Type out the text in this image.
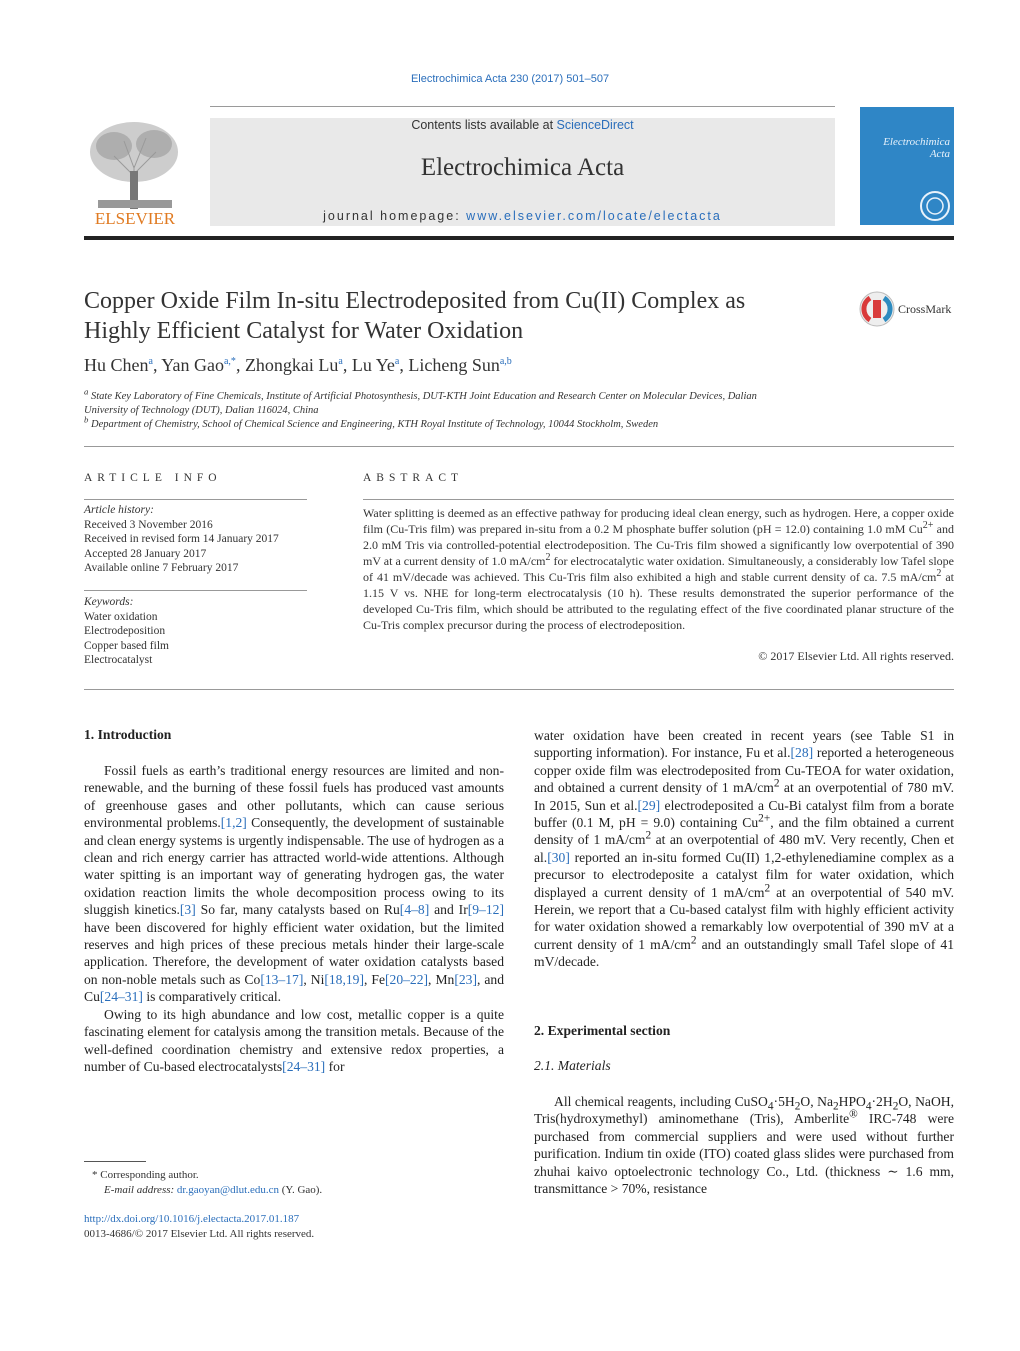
Electrochimica Acta 230 (2017) 501–507
ELSEVIER
Contents lists available at ScienceDirect
Electrochimica Acta
journal homepage: www.elsevier.com/locate/electacta
Electrochimica Acta
Copper Oxide Film In-situ Electrodeposited from Cu(II) Complex as
Highly Efficient Catalyst for Water Oxidation
CrossMark
Hu Chen$^a$, Yan Gao$^{a,*}$, Zhongkai Lu$^a$, Lu Ye$^a$, Licheng Sun$^{a,b}$
$^a$ State Key Laboratory of Fine Chemicals, Institute of Artificial Photosynthesis, DUT-KTH Joint Education and Research Center on Molecular Devices, Dalian
University of Technology (DUT), Dalian 116024, China
$^b$ Department of Chemistry, School of Chemical Science and Engineering, KTH Royal Institute of Technology, 10044 Stockholm, Sweden
ARTICLE INFO
Article history:
Received 3 November 2016
Received in revised form 14 January 2017
Accepted 28 January 2017
Available online 7 February 2017
Keywords:
Water oxidation
Electrodeposition
Copper based film
Electrocatalyst
ABSTRACT
Water splitting is deemed as an effective pathway for producing ideal clean energy, such as hydrogen. Here, a copper oxide film (Cu-Tris film) was prepared in-situ from a 0.2 M phosphate buffer solution (pH = 12.0) containing 1.0 mM $Cu^{2+}$ and 2.0 mM Tris via controlled-potential electrodeposition. The Cu-Tris film showed a significantly low overpotential of 390 mV at a current density of 1.0 $mA/cm^2$ for electrocatalytic water oxidation. Simultaneously, a considerably low Tafel slope of 41 mV/decade was achieved. This Cu-Tris film also exhibited a high and stable current density of ca. 7.5 $mA/cm^2$ at 1.15 V vs. NHE for long-term electrocatalysis (10 h). These results demonstrated the superior performance of the developed Cu-Tris film, which should be attributed to the regulating effect of the five coordinated planar structure of the Cu-Tris complex precursor during the process of electrodeposition.
© 2017 Elsevier Ltd. All rights reserved.
1. Introduction

Fossil fuels as earth’s traditional energy resources are limited and non-renewable, and the burning of these fossil fuels has produced vast amounts of greenhouse gases and other pollutants, which can cause serious environmental problems.[1,2] Consequently, the development of sustainable and clean energy systems is urgently indispensable. The use of hydrogen as a clean and rich energy carrier has attracted world-wide attentions. Although water spitting is an important way of generating hydrogen gas, the water oxidation reaction limits the whole decomposition process owing to its sluggish kinetics.[3] So far, many catalysts based on Ru[4–8] and Ir[9–12] have been discovered for highly efficient water oxidation, but the limited reserves and high prices of these precious metals hinder their large-scale application. Therefore, the development of water oxidation catalysts based on non-noble metals such as Co[13–17], Ni[18,19], Fe[20–22], Mn[23], and Cu[24–31] is comparatively critical.

Owing to its high abundance and low cost, metallic copper is a quite fascinating element for catalysis among the transition metals. Because of the well-defined coordination chemistry and extensive redox properties, a number of Cu-based electrocatalysts[24–31] for

* Corresponding author.
E-mail address: dr.gaoyan@dlut.edu.cn (Y. Gao).
http://dx.doi.org/10.1016/j.electacta.2017.01.187
0013-4686/© 2017 Elsevier Ltd. All rights reserved.

water oxidation have been created in recent years (see Table S1 in supporting information). For instance, Fu et al.[28] reported a heterogeneous copper oxide film was electrodeposited from Cu-TEOA for water oxidation, and obtained a current density of 1 $mA/cm^2$ at an overpotential of 780 mV. In 2015, Sun et al.[29] electrodeposited a Cu-Bi catalyst film from a borate buffer (0.1 M, pH = 9.0) containing $Cu^{2+}$, and the film obtained a current density of 1 $mA/cm^2$ at an overpotential of 480 mV. Very recently, Chen et al.[30] reported an in-situ formed Cu(II) 1,2-ethylenediamine complex as a precursor to electrodeposite a catalyst film for water oxidation, which displayed a current density of 1 $mA/cm^2$ at an overpotential of 540 mV. Herein, we report that a Cu-based catalyst film with highly efficient activity for water oxidation showed a remarkably low overpotential of 390 mV at a current density of 1 $mA/cm^2$ and an outstandingly small Tafel slope of 41 mV/decade.

2. Experimental section
2.1. Materials

All chemical reagents, including $CuSO_4\cdot 5H_2O$, $Na_2HPO_4\cdot 2H_2O$, NaOH, Tris(hydroxymethyl) aminomethane (Tris), Amberlite® IRC-748 were purchased from commercial suppliers and were used without further purification. Indium tin oxide (ITO) coated glass slides were purchased from zhuhai kaivo optoelectronic technology Co., Ltd. (thickness ∼ 1.6 mm, transmittance > 70%, resistance
